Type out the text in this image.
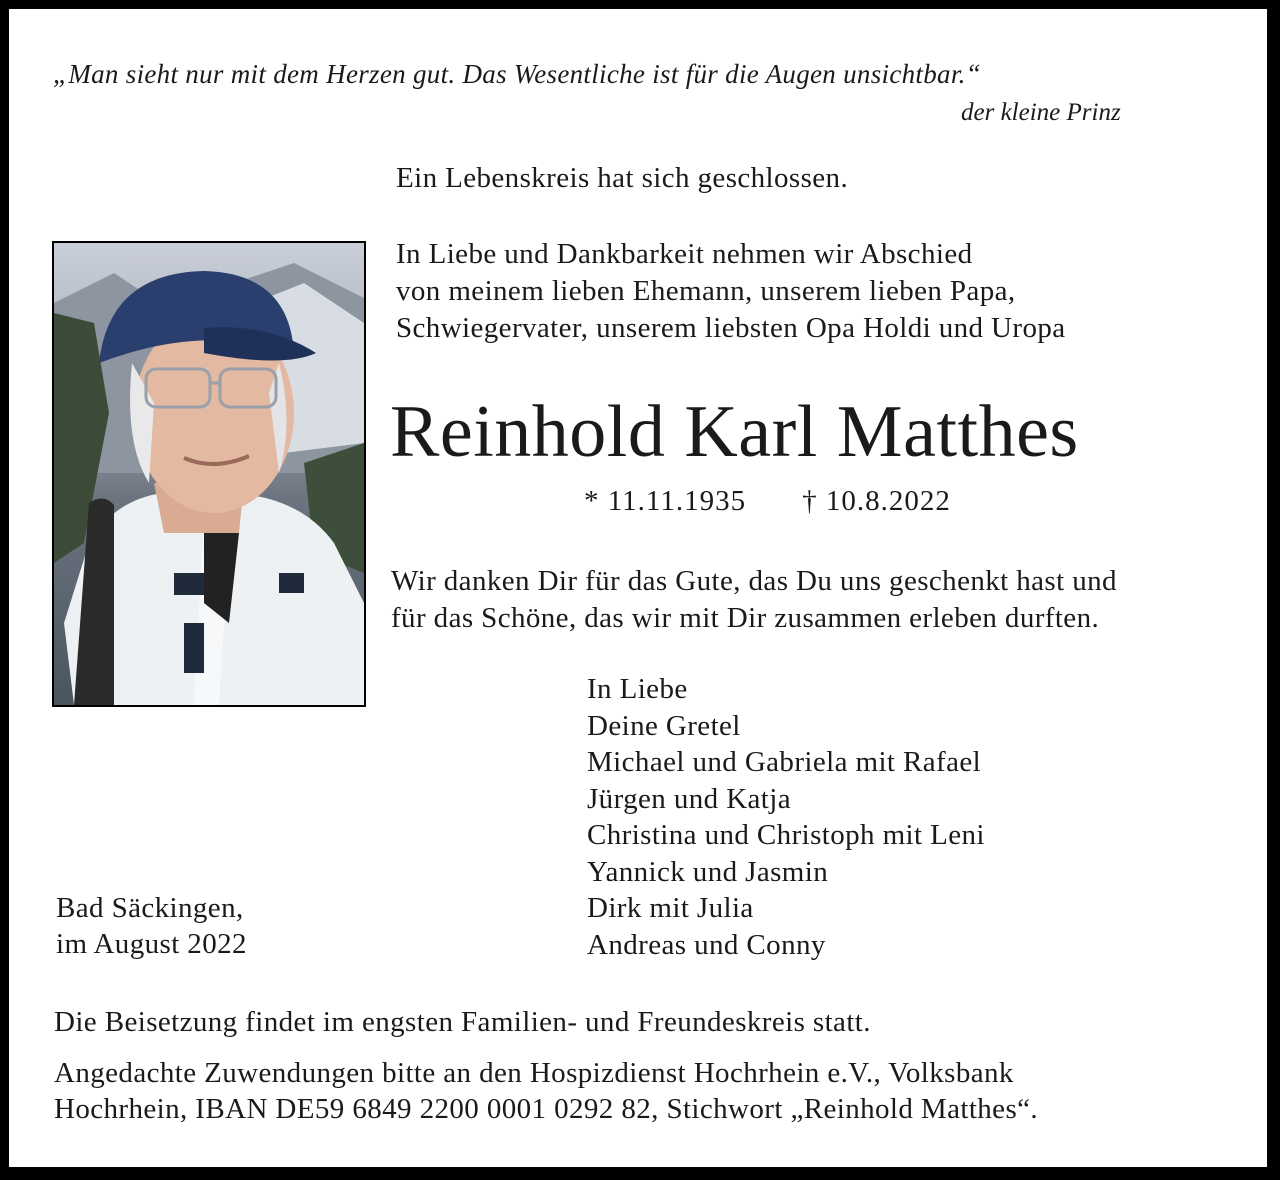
„Man sieht nur mit dem Herzen gut. Das Wesentliche ist für die Augen unsichtbar.“
der kleine Prinz
Ein Lebenskreis hat sich geschlossen.
In Liebe und Dankbarkeit nehmen wir Abschied
von meinem lieben Ehemann, unserem lieben Papa,
Schwiegervater, unserem liebsten Opa Holdi und Uropa
Reinhold Karl Matthes
* 11.11.1935 † 10.8.2022
Wir danken Dir für das Gute, das Du uns geschenkt hast und
für das Schöne, das wir mit Dir zusammen erleben durften.
In Liebe
Deine Gretel
Michael und Gabriela mit Rafael
Jürgen und Katja
Christina und Christoph mit Leni
Yannick und Jasmin
Dirk mit Julia
Andreas und Conny
Bad Säckingen,
im August 2022
Die Beisetzung findet im engsten Familien- und Freundeskreis statt.
Angedachte Zuwendungen bitte an den Hospizdienst Hochrhein e.V., Volksbank
Hochrhein, IBAN DE59 6849 2200 0001 0292 82, Stichwort „Reinhold Matthes“.
